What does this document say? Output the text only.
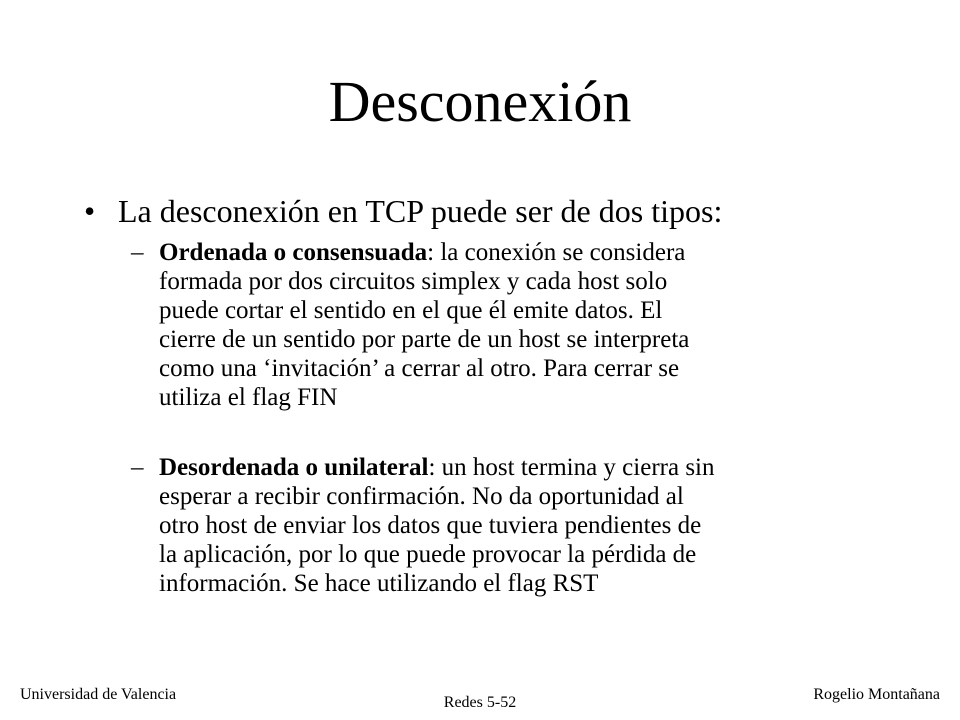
Desconexión
• La desconexión en TCP puede ser de dos tipos:
– Ordenada o consensuada: la conexión se considera
formada por dos circuitos simplex y cada host solo
puede cortar el sentido en el que él emite datos. El
cierre de un sentido por parte de un host se interpreta
como una ‘invitación’ a cerrar al otro. Para cerrar se
utiliza el flag FIN
– Desordenada o unilateral: un host termina y cierra sin
esperar a recibir confirmación. No da oportunidad al
otro host de enviar los datos que tuviera pendientes de
la aplicación, por lo que puede provocar la pérdida de
información. Se hace utilizando el flag RST
Universidad de Valencia	Redes 5-52	Rogelio Montañana
